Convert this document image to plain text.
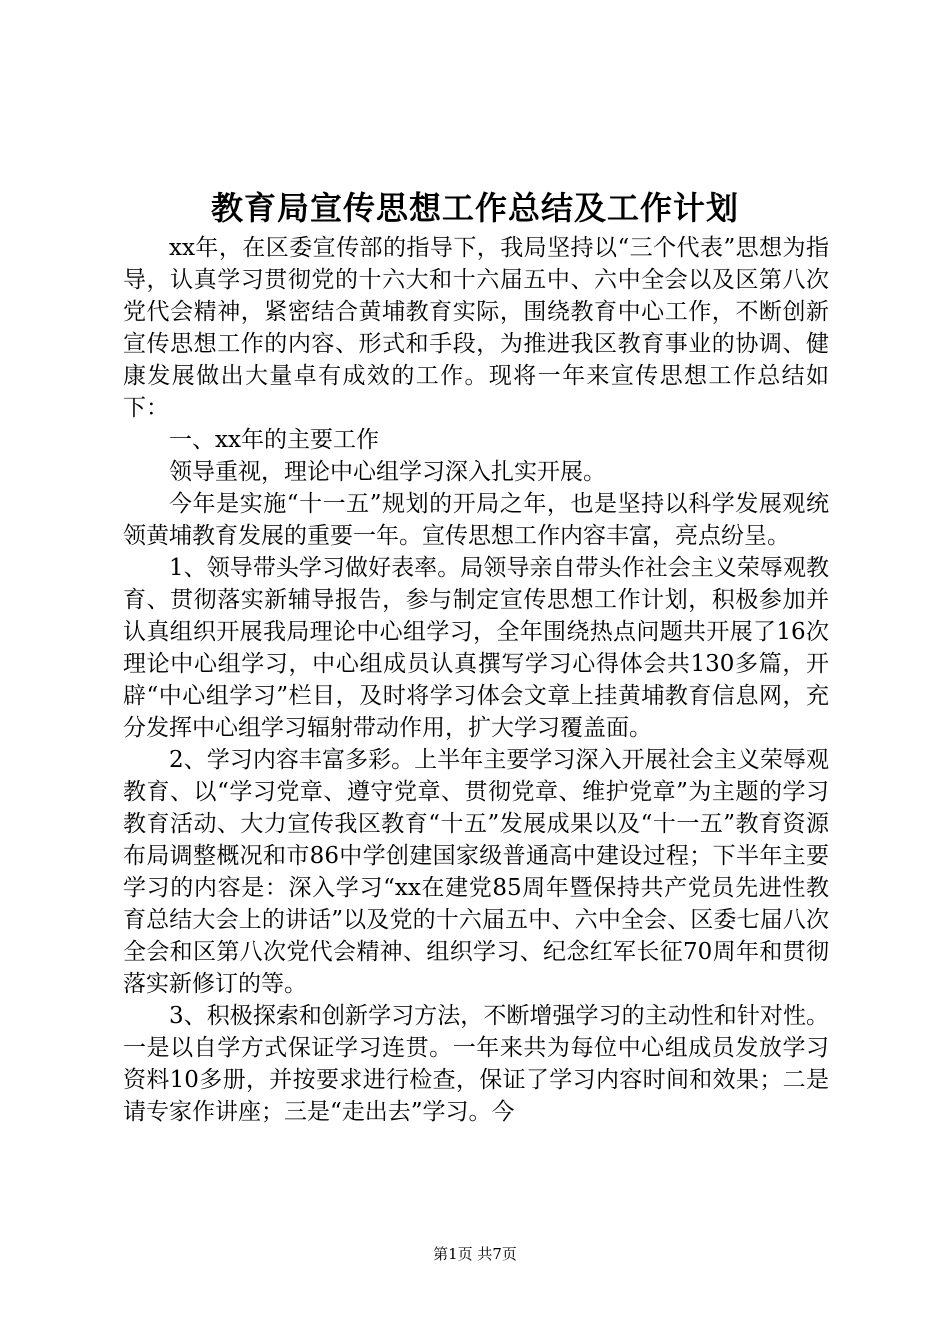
教育局宣传思想工作总结及工作计划

xx年，在区委宣传部的指导下，我局坚持以“三个代表”思想为指导，认真学习贯彻党的十六大和十六届五中、六中全会以及区第八次党代会精神，紧密结合黄埔教育实际，围绕教育中心工作，不断创新宣传思想工作的内容、形式和手段，为推进我区教育事业的协调、健康发展做出大量卓有成效的工作。现将一年来宣传思想工作总结如下：

一、xx年的主要工作

领导重视，理论中心组学习深入扎实开展。

今年是实施“十一五”规划的开局之年，也是坚持以科学发展观统领黄埔教育发展的重要一年。宣传思想工作内容丰富，亮点纷呈。

1、领导带头学习做好表率。局领导亲自带头作社会主义荣辱观教育、贯彻落实新辅导报告，参与制定宣传思想工作计划，积极参加并认真组织开展我局理论中心组学习，全年围绕热点问题共开展了16次理论中心组学习，中心组成员认真撰写学习心得体会共130多篇，开辟“中心组学习”栏目，及时将学习体会文章上挂黄埔教育信息网，充分发挥中心组学习辐射带动作用，扩大学习覆盖面。

2、学习内容丰富多彩。上半年主要学习深入开展社会主义荣辱观教育、以“学习党章、遵守党章、贯彻党章、维护党章”为主题的学习教育活动、大力宣传我区教育“十五”发展成果以及“十一五”教育资源布局调整概况和市86中学创建国家级普通高中建设过程；下半年主要学习的内容是：深入学习“xx在建党85周年暨保持共产党员先进性教育总结大会上的讲话”以及党的十六届五中、六中全会、区委七届八次全会和区第八次党代会精神、组织学习、纪念红军长征70周年和贯彻落实新修订的等。

3、积极探索和创新学习方法，不断增强学习的主动性和针对性。一是以自学方式保证学习连贯。一年来共为每位中心组成员发放学习资料10多册，并按要求进行检查，保证了学习内容时间和效果；二是请专家作讲座；三是“走出去”学习。今

第1页 共7页
